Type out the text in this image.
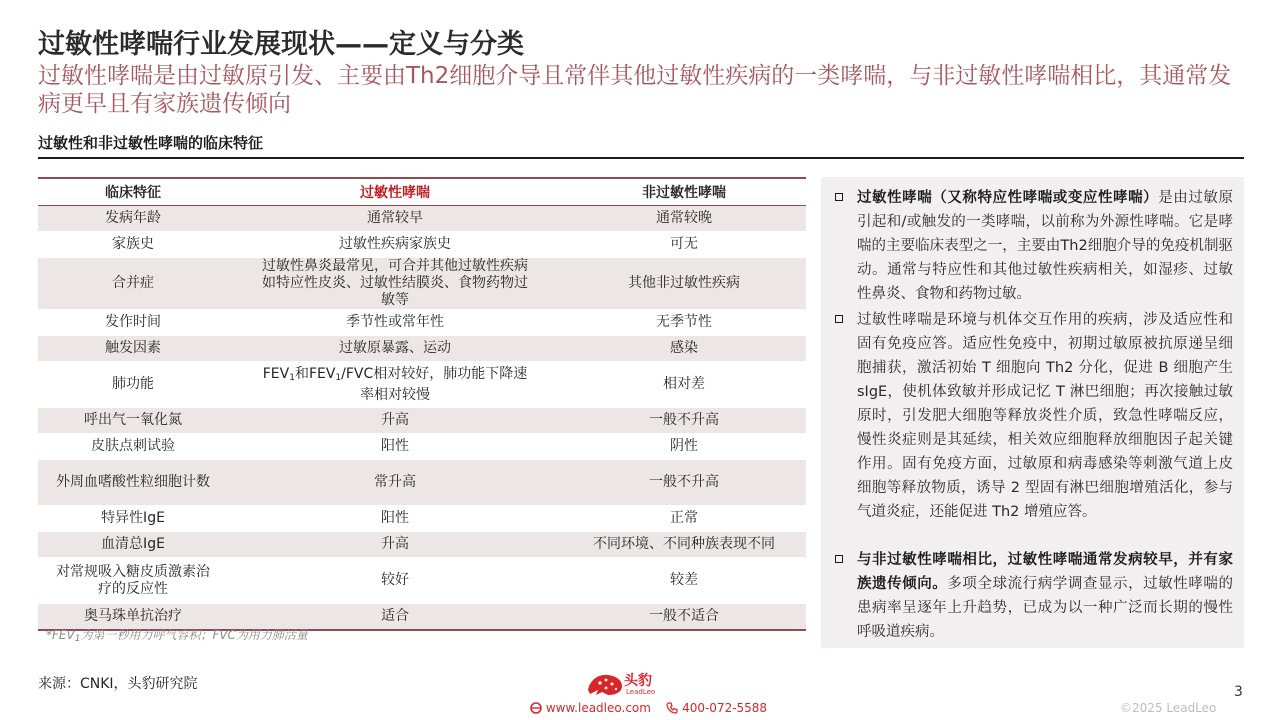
过敏性哮喘行业发展现状——定义与分类
过敏性哮喘是由过敏原引发、主要由Th2细胞介导且常伴其他过敏性疾病的一类哮喘，与非过敏性哮喘相比，其通常发病更早且有家族遗传倾向
过敏性和非过敏性哮喘的临床特征
临床特征	过敏性哮喘	非过敏性哮喘
发病年龄	通常较早	通常较晚
家族史	过敏性疾病家族史	可无
合并症	过敏性鼻炎最常见，可合并其他过敏性疾病如特应性皮炎、过敏性结膜炎、食物药物过敏等	其他非过敏性疾病
发作时间	季节性或常年性	无季节性
触发因素	过敏原暴露、运动	感染
肺功能	$FEV_1$和$FEV_1$/FVC相对较好，肺功能下降速率相对较慢	相对差
呼出气一氧化氮	升高	一般不升高
皮肤点刺试验	阳性	阴性
外周血嗜酸性粒细胞计数	常升高	一般不升高
特异性IgE	阳性	正常
血清总IgE	升高	不同环境、不同种族表现不同
对常规吸入糖皮质激素治疗的反应性	较好	较差
奥马珠单抗治疗	适合	一般不适合
$*FEV_1$为第一秒用力呼气容积；FVC为用力肺活量
过敏性哮喘（又称特应性哮喘或变应性哮喘）是由过敏原引起和/或触发的一类哮喘，以前称为外源性哮喘。它是哮喘的主要临床表型之一，主要由Th2细胞介导的免疫机制驱动。通常与特应性和其他过敏性疾病相关，如湿疹、过敏性鼻炎、食物和药物过敏。
过敏性哮喘是环境与机体交互作用的疾病，涉及适应性和固有免疫应答。适应性免疫中，初期过敏原被抗原递呈细胞捕获，激活初始 T 细胞向 Th2 分化，促进 B 细胞产生 sIgE，使机体致敏并形成记忆 T 淋巴细胞；再次接触过敏原时，引发肥大细胞等释放炎性介质，致急性哮喘反应，慢性炎症则是其延续，相关效应细胞释放细胞因子起关键作用。固有免疫方面，过敏原和病毒感染等刺激气道上皮细胞等释放物质，诱导 2 型固有淋巴细胞增殖活化，参与气道炎症，还能促进 Th2 增殖应答。
与非过敏性哮喘相比，过敏性哮喘通常发病较早，并有家族遗传倾向。多项全球流行病学调查显示，过敏性哮喘的患病率呈逐年上升趋势，已成为以一种广泛而长期的慢性呼吸道疾病。
来源：CNKI，头豹研究院	头豹
LeadLeo
www.leadleo.com	400-072-5588
3
©2025 LeadLeo
